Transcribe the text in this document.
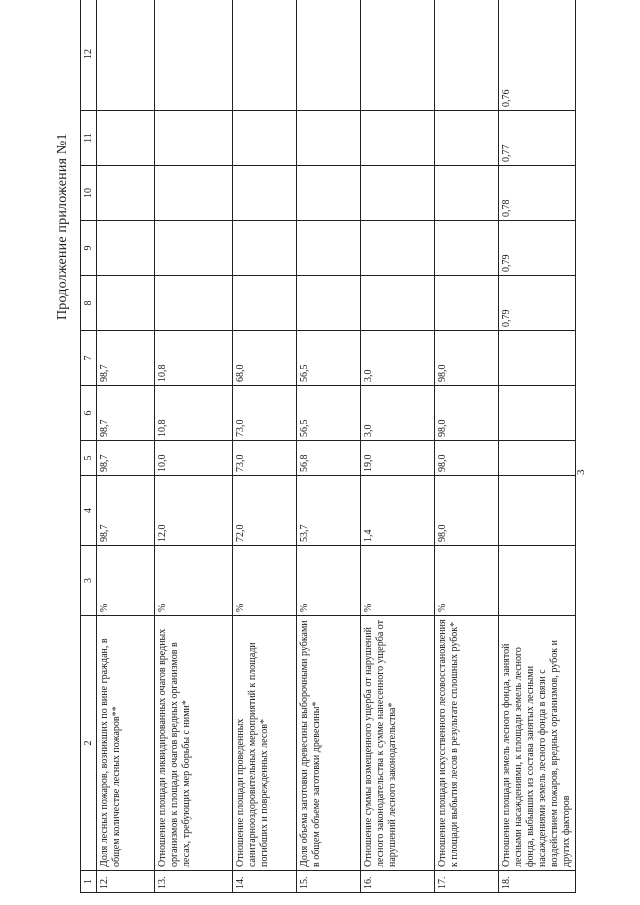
3
Продолжение приложения №1
1	2	3	4	5	6	7	8	9	10	11	12
12.	Доля лесных пожаров, возникших по вине граждан, в общем количестве лесных пожаров**	%	98,7	98,7	98,7	98,7					
13.	Отношение площади ликвидированных очагов вредных организмов к площади очагов вредных организмов в лесах, требующих мер борьбы с ними*	%	12,0	10,0	10,8	10,8					
14.	Отношение площади проведенных санитарнооздоровительных мероприятий к площади погибших и поврежденных лесов*	%	72,0	73,0	73,0	68,0					
15.	Доля объема заготовки древесины выборочными рубками в общем объеме заготовки древесины*	%	53,7	56,8	56,5	56,5					
16.	Отношение суммы возмещенного ущерба от нарушений лесного законодательства к сумме нанесенного ущерба от нарушений лесного законодательства*	%	1,4	19,0	3,0	3,0					
17.	Отношение площади искусственного лесовосстановления к площади выбытия лесов в результате сплошных рубок*	%	98,0	98,0	98,0	98,0					
18.	Отношение площади земель лесного фонда, занятой лесными насаждениями, к площади земель лесного фонда, выбывших из состава занятых лесными насаждениями земель лесного фонда в связи с воздействием пожаров, вредных организмов, рубок и других факторов						0,79	0,79	0,78	0,77	0,76
